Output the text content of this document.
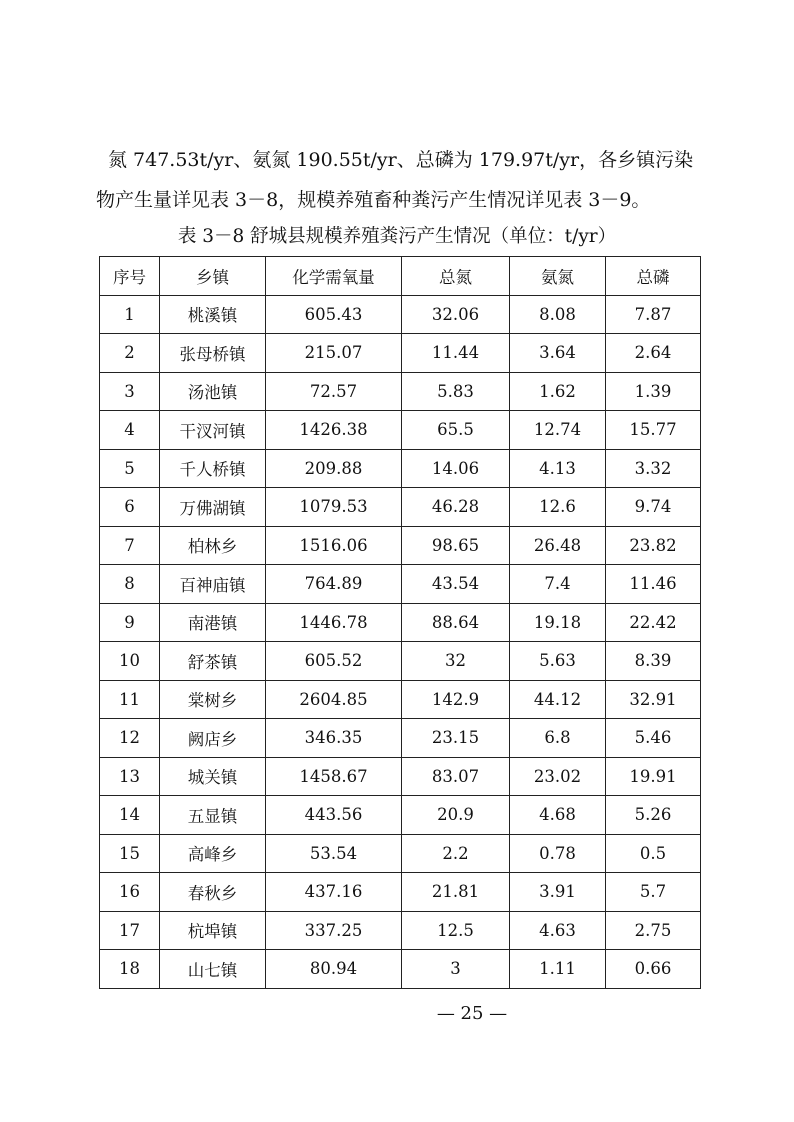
氮 747.53t/yr、氨氮 190.55t/yr、总磷为 179.97t/yr，各乡镇污染

物产生量详见表 3－8，规模养殖畜种粪污产生情况详见表 3－9。

表 3－8 舒城县规模养殖粪污产生情况（单位：t/yr）
序号	乡镇	化学需氧量	总氮	氨氮	总磷
1	桃溪镇	605.43	32.06	8.08	7.87
2	张母桥镇	215.07	11.44	3.64	2.64
3	汤池镇	72.57	5.83	1.62	1.39
4	干汊河镇	1426.38	65.5	12.74	15.77
5	千人桥镇	209.88	14.06	4.13	3.32
6	万佛湖镇	1079.53	46.28	12.6	9.74
7	柏林乡	1516.06	98.65	26.48	23.82
8	百神庙镇	764.89	43.54	7.4	11.46
9	南港镇	1446.78	88.64	19.18	22.42
10	舒茶镇	605.52	32	5.63	8.39
11	棠树乡	2604.85	142.9	44.12	32.91
12	阙店乡	346.35	23.15	6.8	5.46
13	城关镇	1458.67	83.07	23.02	19.91
14	五显镇	443.56	20.9	4.68	5.26
15	高峰乡	53.54	2.2	0.78	0.5
16	春秋乡	437.16	21.81	3.91	5.7
17	杭埠镇	337.25	12.5	4.63	2.75
18	山七镇	80.94	3	1.11	0.66
— 25 —
